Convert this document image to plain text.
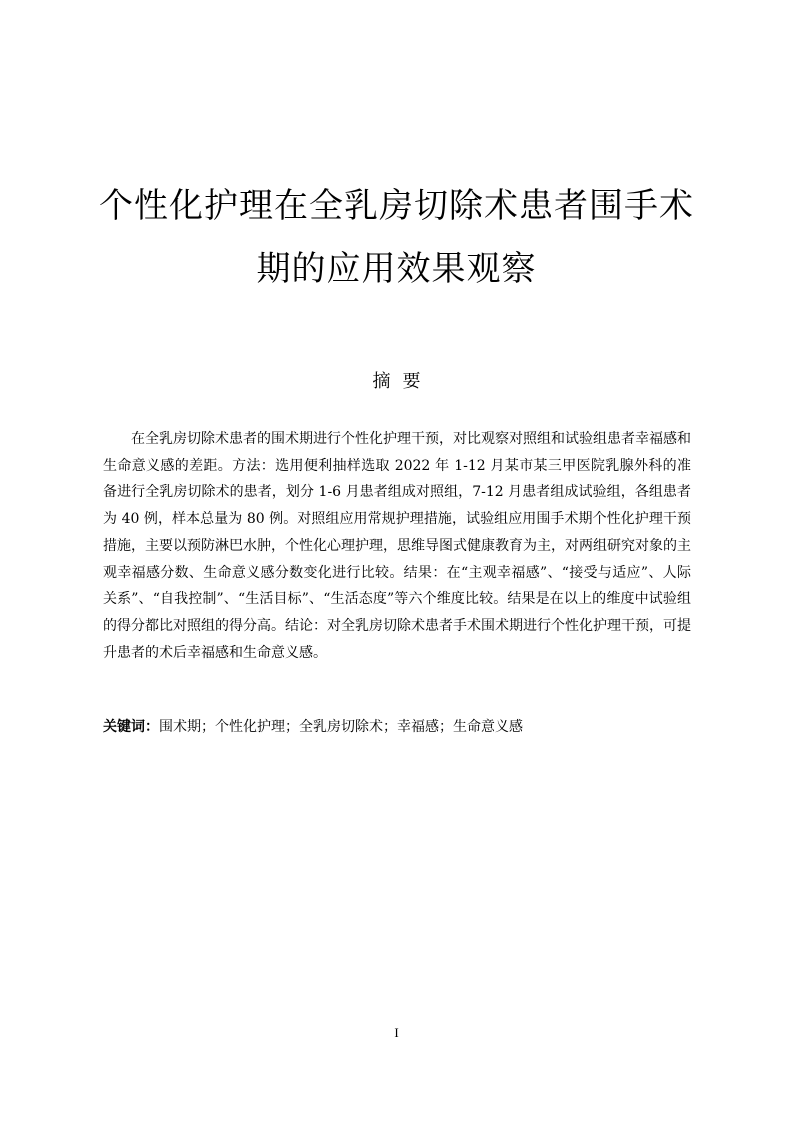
个性化护理在全乳房切除术患者围手术
期的应用效果观察
摘要

在全乳房切除术患者的围术期进行个性化护理干预，对比观察对照组和试验组患者幸福感和生命意义感的差距。方法：选用便利抽样选取 2022 年 1-12 月某市某三甲医院乳腺外科的准备进行全乳房切除术的患者，划分 1-6 月患者组成对照组，7-12 月患者组成试验组，各组患者为 40 例，样本总量为 80 例。对照组应用常规护理措施，试验组应用围手术期个性化护理干预措施，主要以预防淋巴水肿，个性化心理护理，思维导图式健康教育为主，对两组研究对象的主观幸福感分数、生命意义感分数变化进行比较。结果：在“主观幸福感”、“接受与适应”、人际关系”、“自我控制”、“生活目标”、“生活态度”等六个维度比较。结果是在以上的维度中试验组的得分都比对照组的得分高。结论：对全乳房切除术患者手术围术期进行个性化护理干预，可提升患者的术后幸福感和生命意义感。

关键词：围术期；个性化护理；全乳房切除术；幸福感；生命意义感

I
